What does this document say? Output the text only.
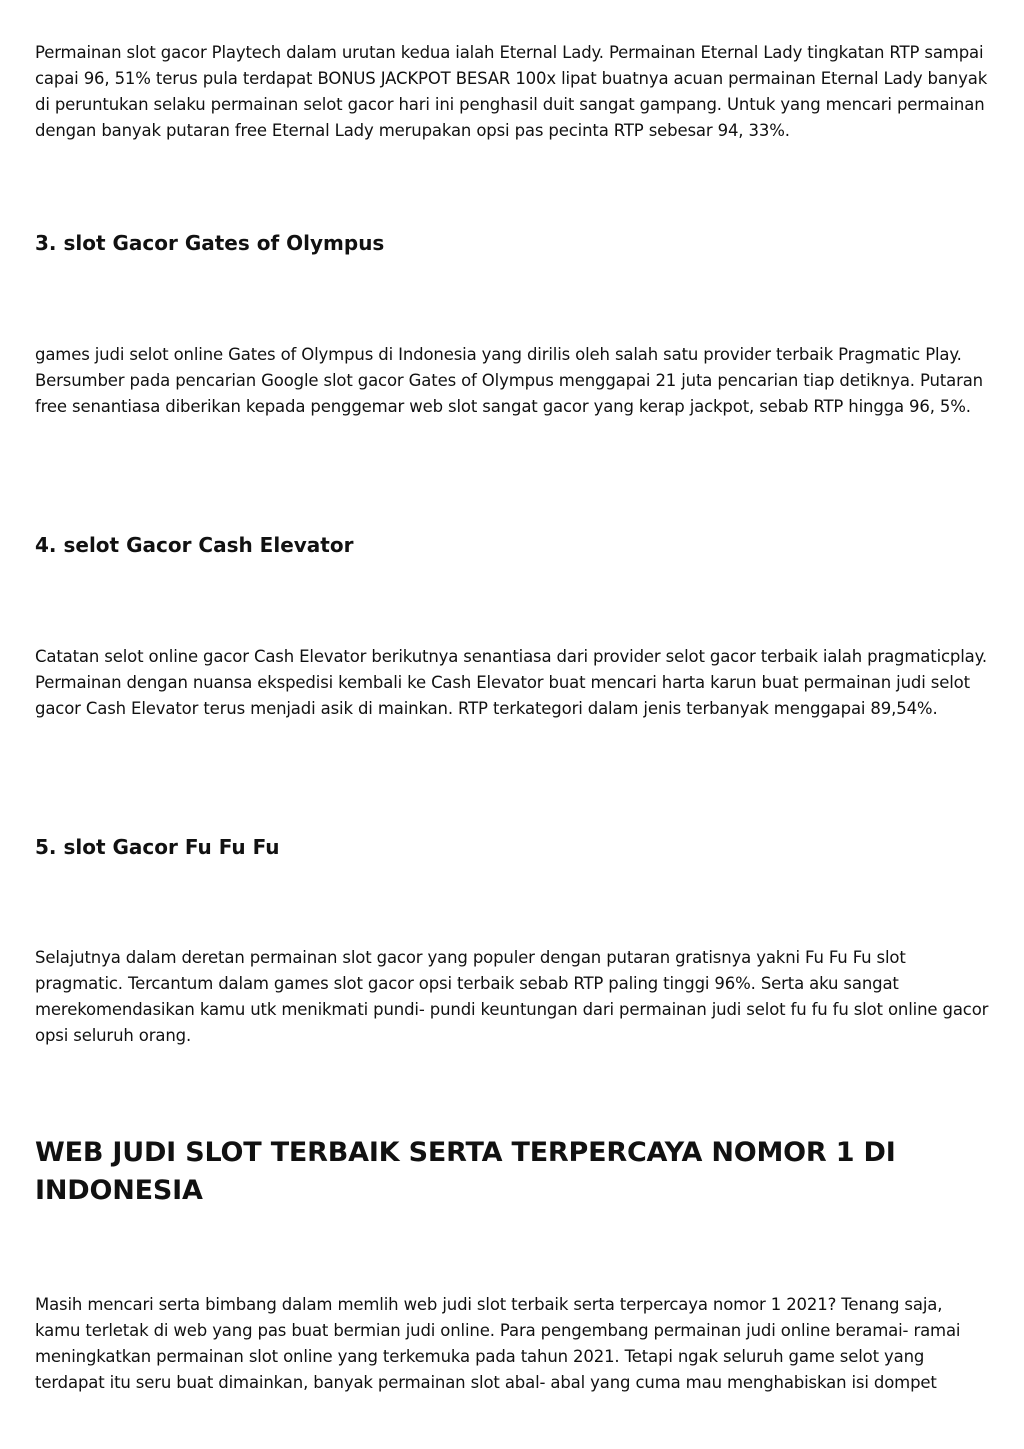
Permainan slot gacor Playtech dalam urutan kedua ialah Eternal Lady. Permainan Eternal Lady tingkatan RTP sampai capai 96, 51% terus pula terdapat BONUS JACKPOT BESAR 100x lipat buatnya acuan permainan Eternal Lady banyak di peruntukan selaku permainan selot gacor hari ini penghasil duit sangat gampang. Untuk yang mencari permainan dengan banyak putaran free Eternal Lady merupakan opsi pas pecinta RTP sebesar 94, 33%.

3. slot Gacor Gates of Olympus

games judi selot online Gates of Olympus di Indonesia yang dirilis oleh salah satu provider terbaik Pragmatic Play. Bersumber pada pencarian Google slot gacor Gates of Olympus menggapai 21 juta pencarian tiap detiknya. Putaran free senantiasa diberikan kepada penggemar web slot sangat gacor yang kerap jackpot, sebab RTP hingga 96, 5%.

4. selot Gacor Cash Elevator

Catatan selot online gacor Cash Elevator berikutnya senantiasa dari provider selot gacor terbaik ialah pragmaticplay. Permainan dengan nuansa ekspedisi kembali ke Cash Elevator buat mencari harta karun buat permainan judi selot gacor Cash Elevator terus menjadi asik di mainkan. RTP terkategori dalam jenis terbanyak menggapai 89,54%.

5. slot Gacor Fu Fu Fu

Selajutnya dalam deretan permainan slot gacor yang populer dengan putaran gratisnya yakni Fu Fu Fu slot pragmatic. Tercantum dalam games slot gacor opsi terbaik sebab RTP paling tinggi 96%. Serta aku sangat merekomendasikan kamu utk menikmati pundi- pundi keuntungan dari permainan judi selot fu fu fu slot online gacor opsi seluruh orang.

WEB JUDI SLOT TERBAIK SERTA TERPERCAYA NOMOR 1 DI INDONESIA

Masih mencari serta bimbang dalam memlih web judi slot terbaik serta terpercaya nomor 1 2021? Tenang saja, kamu terletak di web yang pas buat bermian judi online. Para pengembang permainan judi online beramai- ramai meningkatkan permainan slot online yang terkemuka pada tahun 2021. Tetapi ngak seluruh game selot yang terdapat itu seru buat dimainkan, banyak permainan slot abal- abal yang cuma mau menghabiskan isi dompet
